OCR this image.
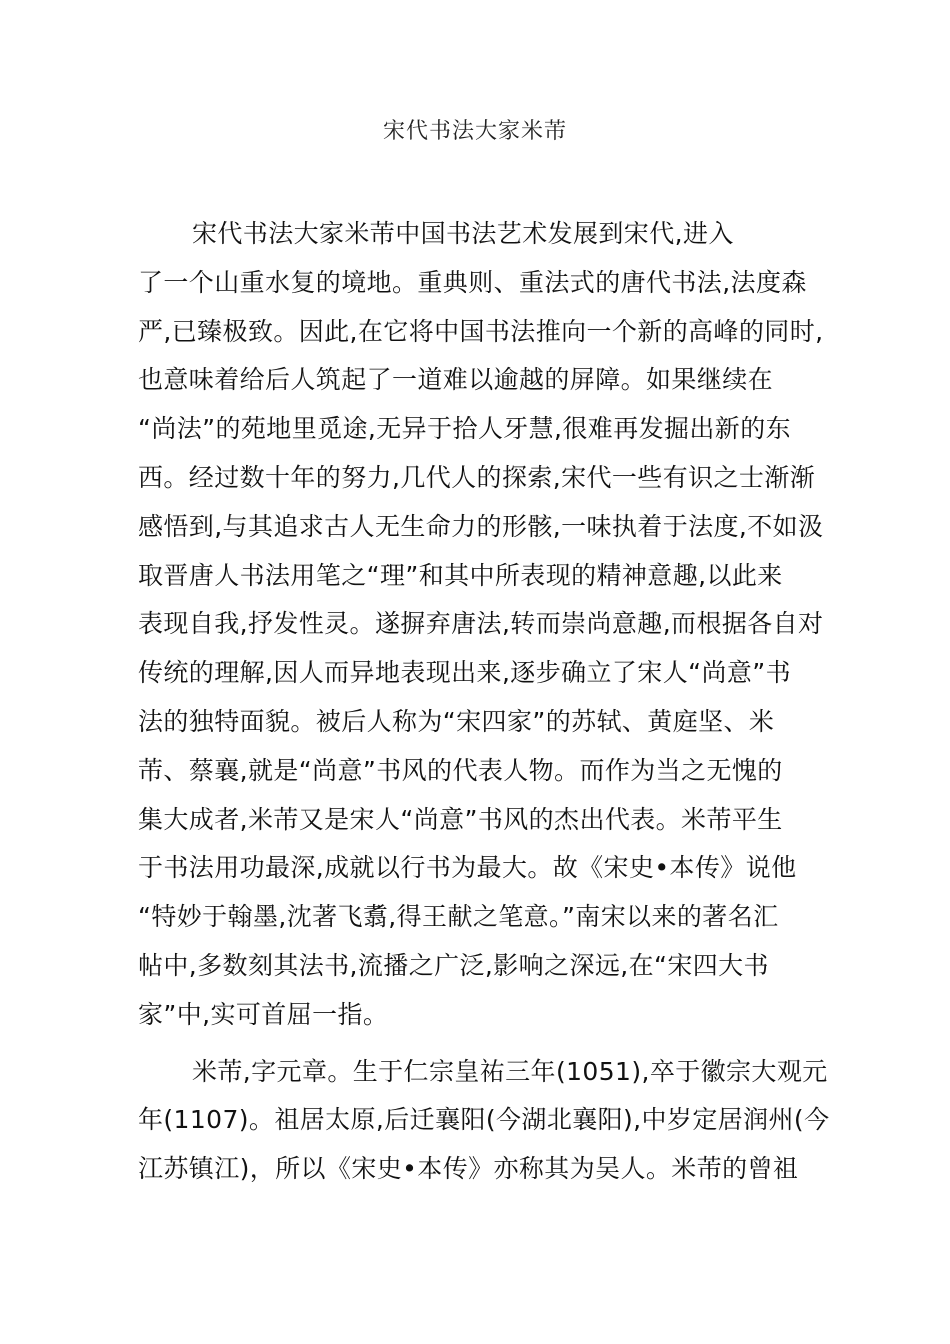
宋代书法大家米芾
宋代书法大家米芾中国书法艺术发展到宋代,进入
了一个山重水复的境地。重典则、重法式的唐代书法,法度森
严,已臻极致。因此,在它将中国书法推向一个新的高峰的同时,
也意味着给后人筑起了一道难以逾越的屏障。如果继续在
“尚法”的苑地里觅途,无异于拾人牙慧,很难再发掘出新的东
西。经过数十年的努力,几代人的探索,宋代一些有识之士渐渐
感悟到,与其追求古人无生命力的形骸,一味执着于法度,不如汲
取晋唐人书法用笔之“理”和其中所表现的精神意趣,以此来
表现自我,抒发性灵。遂摒弃唐法,转而崇尚意趣,而根据各自对
传统的理解,因人而异地表现出来,逐步确立了宋人“尚意”书
法的独特面貌。被后人称为“宋四家”的苏轼、黄庭坚、米
芾、蔡襄,就是“尚意”书风的代表人物。而作为当之无愧的
集大成者,米芾又是宋人“尚意”书风的杰出代表。米芾平生
于书法用功最深,成就以行书为最大。故《宋史•本传》说他
“特妙于翰墨,沈著飞翥,得王献之笔意。”南宋以来的著名汇
帖中,多数刻其法书,流播之广泛,影响之深远,在“宋四大书
家”中,实可首屈一指。
米芾,字元章。生于仁宗皇祐三年(1051),卒于徽宗大观元
年(1107)。祖居太原,后迁襄阳(今湖北襄阳),中岁定居润州(今
江苏镇江)，所以《宋史•本传》亦称其为吴人。米芾的曾祖
